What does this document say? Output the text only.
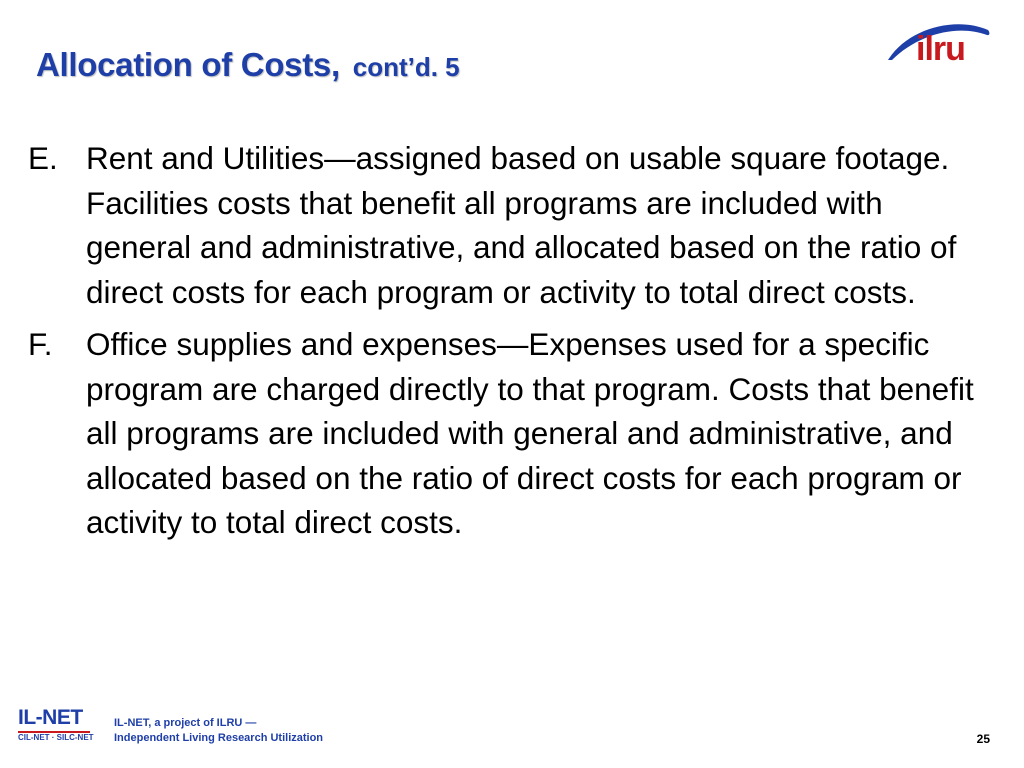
Allocation of Costs, cont’d. 5	ilru
E. Rent and Utilities—assigned based on usable square footage. Facilities costs that benefit all programs are included with general and administrative, and allocated based on the ratio of direct costs for each program or activity to total direct costs.
F.	Office supplies and expenses—Expenses used for a specific program are charged directly to that program. Costs that benefit all programs are included with general and administrative, and allocated based on the ratio of direct costs for each program or activity to total direct costs.
IL-NET
CIL-NET · SILC-NET
IL-NET, a project of ILRU —
Independent Living Research Utilization	25
